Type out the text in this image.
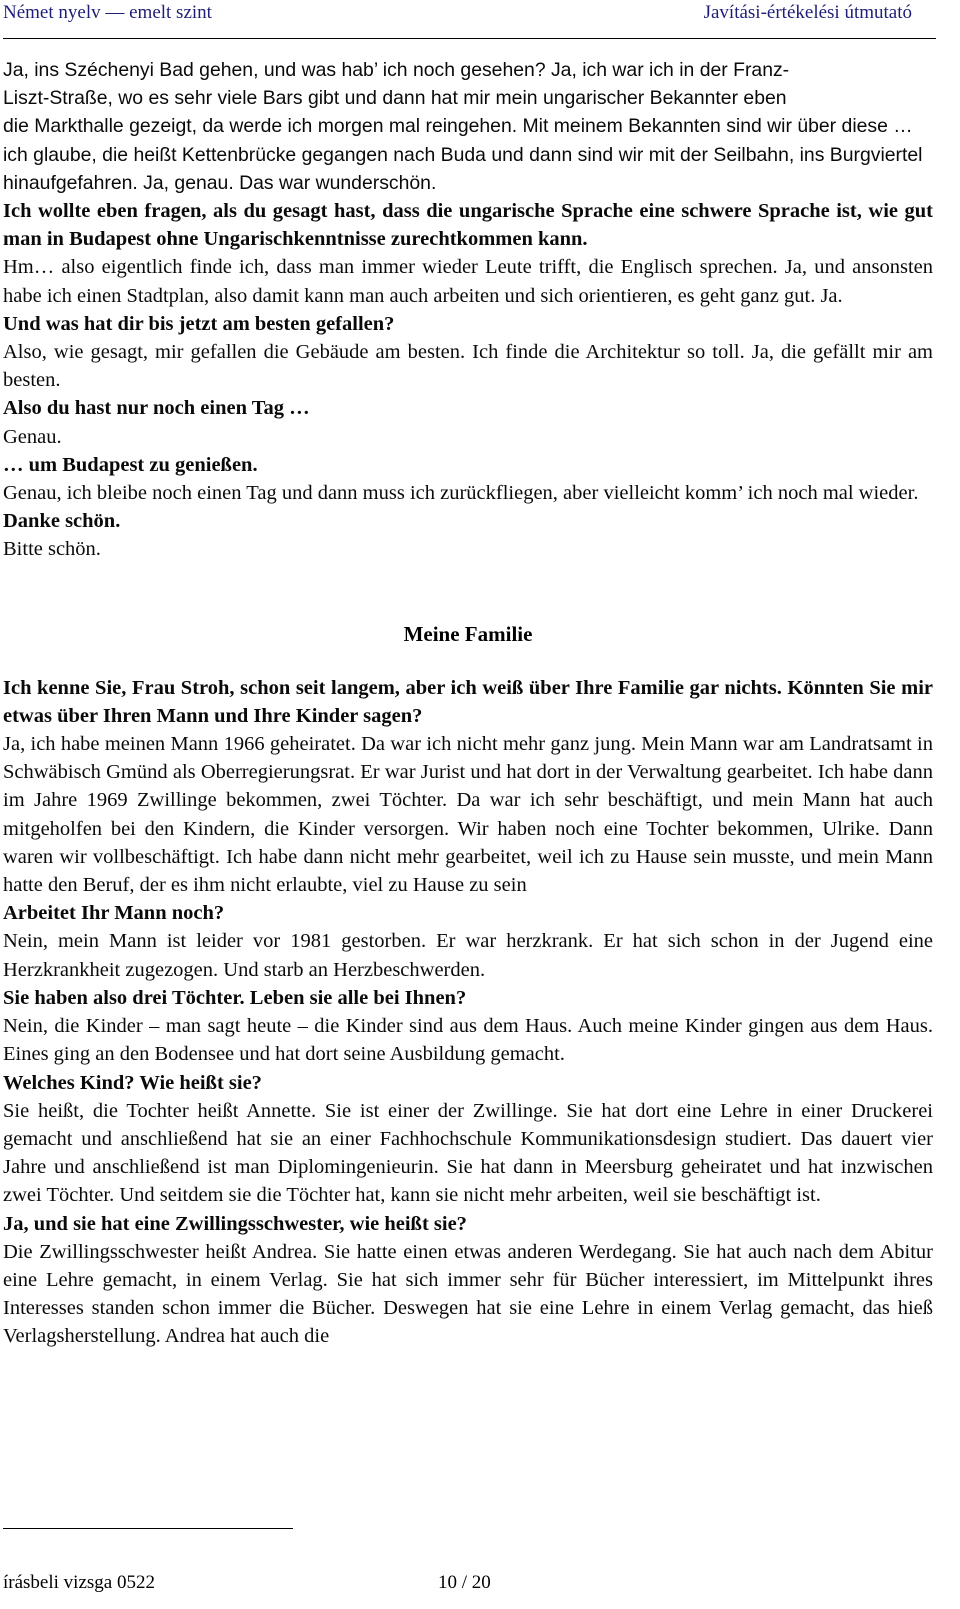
Német nyelv — emelt szint	Javítási-értékelési útmutató

Ja, ins Széchenyi Bad gehen, und was hab’ ich noch gesehen? Ja, ich war ich in der Franz-

Liszt-Straße, wo es sehr viele Bars gibt und dann hat mir mein ungarischer Bekannter eben

die Markthalle gezeigt, da werde ich morgen mal reingehen. Mit meinem Bekannten sind wir über diese … ich glaube, die heißt Kettenbrücke gegangen nach Buda und dann sind wir mit der Seilbahn, ins Burgviertel hinaufgefahren. Ja, genau. Das war wunderschön.

Ich wollte eben fragen, als du gesagt hast, dass die ungarische Sprache eine schwere Sprache ist, wie gut man in Budapest ohne Ungarischkenntnisse zurechtkommen kann.

Hm… also eigentlich finde ich, dass man immer wieder Leute trifft, die Englisch sprechen. Ja, und ansonsten habe ich einen Stadtplan, also damit kann man auch arbeiten und sich orientieren, es geht ganz gut. Ja.

Und was hat dir bis jetzt am besten gefallen?

Also, wie gesagt, mir gefallen die Gebäude am besten. Ich finde die Architektur so toll. Ja, die gefällt mir am besten.

Also du hast nur noch einen Tag …

Genau.

… um Budapest zu genießen.

Genau, ich bleibe noch einen Tag und dann muss ich zurückfliegen, aber vielleicht komm’ ich noch mal wieder.

Danke schön.

Bitte schön.

Meine Familie

Ich kenne Sie, Frau Stroh, schon seit langem, aber ich weiß über Ihre Familie gar nichts. Könnten Sie mir etwas über Ihren Mann und Ihre Kinder sagen?

Ja, ich habe meinen Mann 1966 geheiratet. Da war ich nicht mehr ganz jung. Mein Mann war am Landratsamt in Schwäbisch Gmünd als Oberregierungsrat. Er war Jurist und hat dort in der Verwaltung gearbeitet. Ich habe dann im Jahre 1969 Zwillinge bekommen, zwei Töchter. Da war ich sehr beschäftigt, und mein Mann hat auch mitgeholfen bei den Kindern, die Kinder versorgen. Wir haben noch eine Tochter bekommen, Ulrike. Dann waren wir vollbeschäftigt. Ich habe dann nicht mehr gearbeitet, weil ich zu Hause sein musste, und mein Mann hatte den Beruf, der es ihm nicht erlaubte, viel zu Hause zu sein

Arbeitet Ihr Mann noch?

Nein, mein Mann ist leider vor 1981 gestorben. Er war herzkrank. Er hat sich schon in der Jugend eine Herzkrankheit zugezogen. Und starb an Herzbeschwerden.

Sie haben also drei Töchter. Leben sie alle bei Ihnen?

Nein, die Kinder – man sagt heute – die Kinder sind aus dem Haus. Auch meine Kinder gingen aus dem Haus. Eines ging an den Bodensee und hat dort seine Ausbildung gemacht.

Welches Kind? Wie heißt sie?

Sie heißt, die Tochter heißt Annette. Sie ist einer der Zwillinge. Sie hat dort eine Lehre in einer Druckerei gemacht und anschließend hat sie an einer Fachhochschule Kommunikationsdesign studiert. Das dauert vier Jahre und anschließend ist man Diplomingenieurin. Sie hat dann in Meersburg geheiratet und hat inzwischen zwei Töchter. Und seitdem sie die Töchter hat, kann sie nicht mehr arbeiten, weil sie beschäftigt ist.

Ja, und sie hat eine Zwillingsschwester, wie heißt sie?

Die Zwillingsschwester heißt Andrea. Sie hatte einen etwas anderen Werdegang. Sie hat auch nach dem Abitur eine Lehre gemacht, in einem Verlag. Sie hat sich immer sehr für Bücher interessiert, im Mittelpunkt ihres Interesses standen schon immer die Bücher. Deswegen hat sie eine Lehre in einem Verlag gemacht, das hieß Verlagsherstellung. Andrea hat auch die

írásbeli vizsga 0522	10 / 20
